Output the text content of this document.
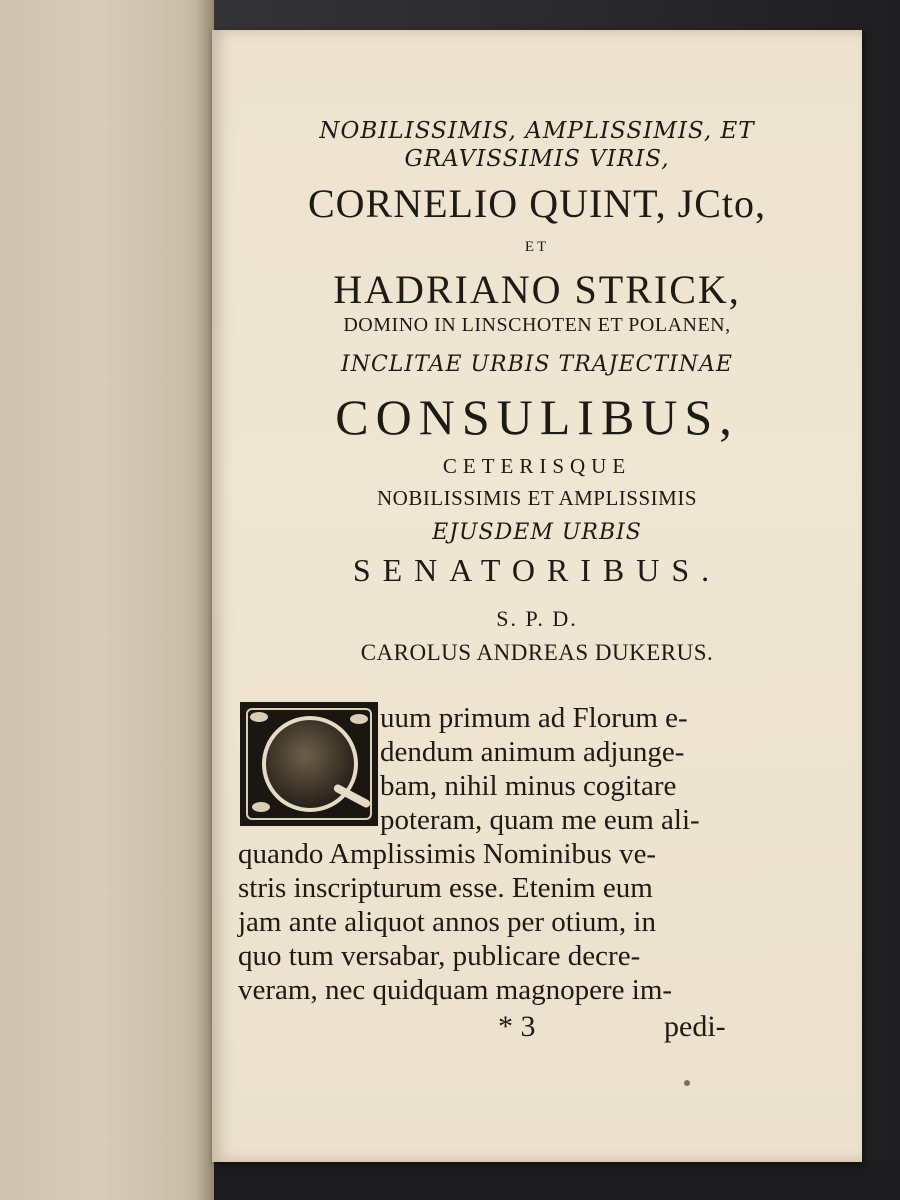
NOBILISSIMIS, AMPLISSIMIS, ET
GRAVISSIMIS VIRIS,
CORNELIO QUINT, JCto,
ET
HADRIANO STRICK,
DOMINO IN LINSCHOTEN ET POLANEN,
INCLITAE URBIS TRAJECTINAE
CONSULIBUS,
CETERISQUE
NOBILISSIMIS ET AMPLISSIMIS
EJUSDEM URBIS
SENATORIBUS.
S. P. D.
CAROLUS ANDREAS DUKERUS.
uum primum ad Florum e-
dendum animum adjunge-
bam, nihil minus cogitare
poteram, quam me eum ali-
quando Amplissimis Nominibus ve-
stris inscripturum esse. Etenim eum
jam ante aliquot annos per otium, in
quo tum versabar, publicare decre-
veram, nec quidquam magnopere im-
* 3	pedi-
